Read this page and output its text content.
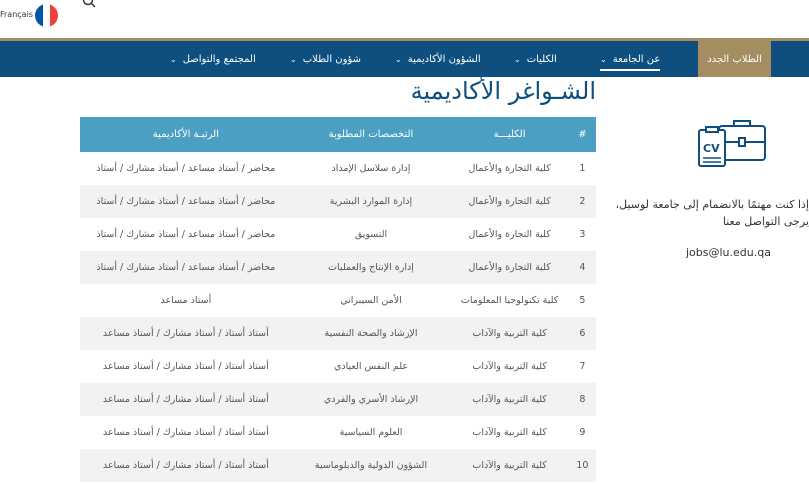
Français
عن الجامعة
⌄
الكليات
⌄
الشؤون الأكاديمية
⌄
شؤون الطلاب
⌄
المجتمع والتواصل
⌄	الطلاب الجدد
الشـواغر الأكاديمية
#	الكليـــة	التخصصات المطلوبة	الرتبـة الأكاديمية
1	كلية التجارة والأعمال	إدارة سلاسل الإمداد	محاضر / أستاذ مساعد / أستاذ مشارك / أستاذ
2	كلية التجارة والأعمال	إدارة الموارد البشرية	محاضر / أستاذ مساعد / أستاذ مشارك / أستاذ
3	كلية التجارة والأعمال	التسويق	محاضر / أستاذ مساعد / أستاذ مشارك / أستاذ
4	كلية التجارة والأعمال	إدارة الإنتاج والعمليات	محاضر / أستاذ مساعد / أستاذ مشارك / أستاذ
5	كلية تكنولوجيا المعلومات	الأمن السيبراني	أستاذ مساعد
6	كلية التربية والآداب	الإرشاد والصحة النفسية	أستاذ أستاذ / أستاذ مشارك / أستاذ مساعد
7	كلية التربية والآداب	علم النفس العيادي	أستاذ أستاذ / أستاذ مشارك / أستاذ مساعد
8	كلية التربية والآداب	الإرشاد الأسري والفردي	أستاذ أستاذ / أستاذ مشارك / أستاذ مساعد
9	كلية التربية والآداب	العلوم السياسية	أستاذ أستاذ / أستاذ مشارك / أستاذ مساعد
10	كلية التربية والآداب	الشؤون الدولية والدبلوماسية	أستاذ أستاذ / أستاذ مشارك / أستاذ مساعد
CV
إذا كنت مهتمًا بالانضمام إلى جامعة لوسيل،
يرجى التواصل معنا
jobs@lu.edu.qa
